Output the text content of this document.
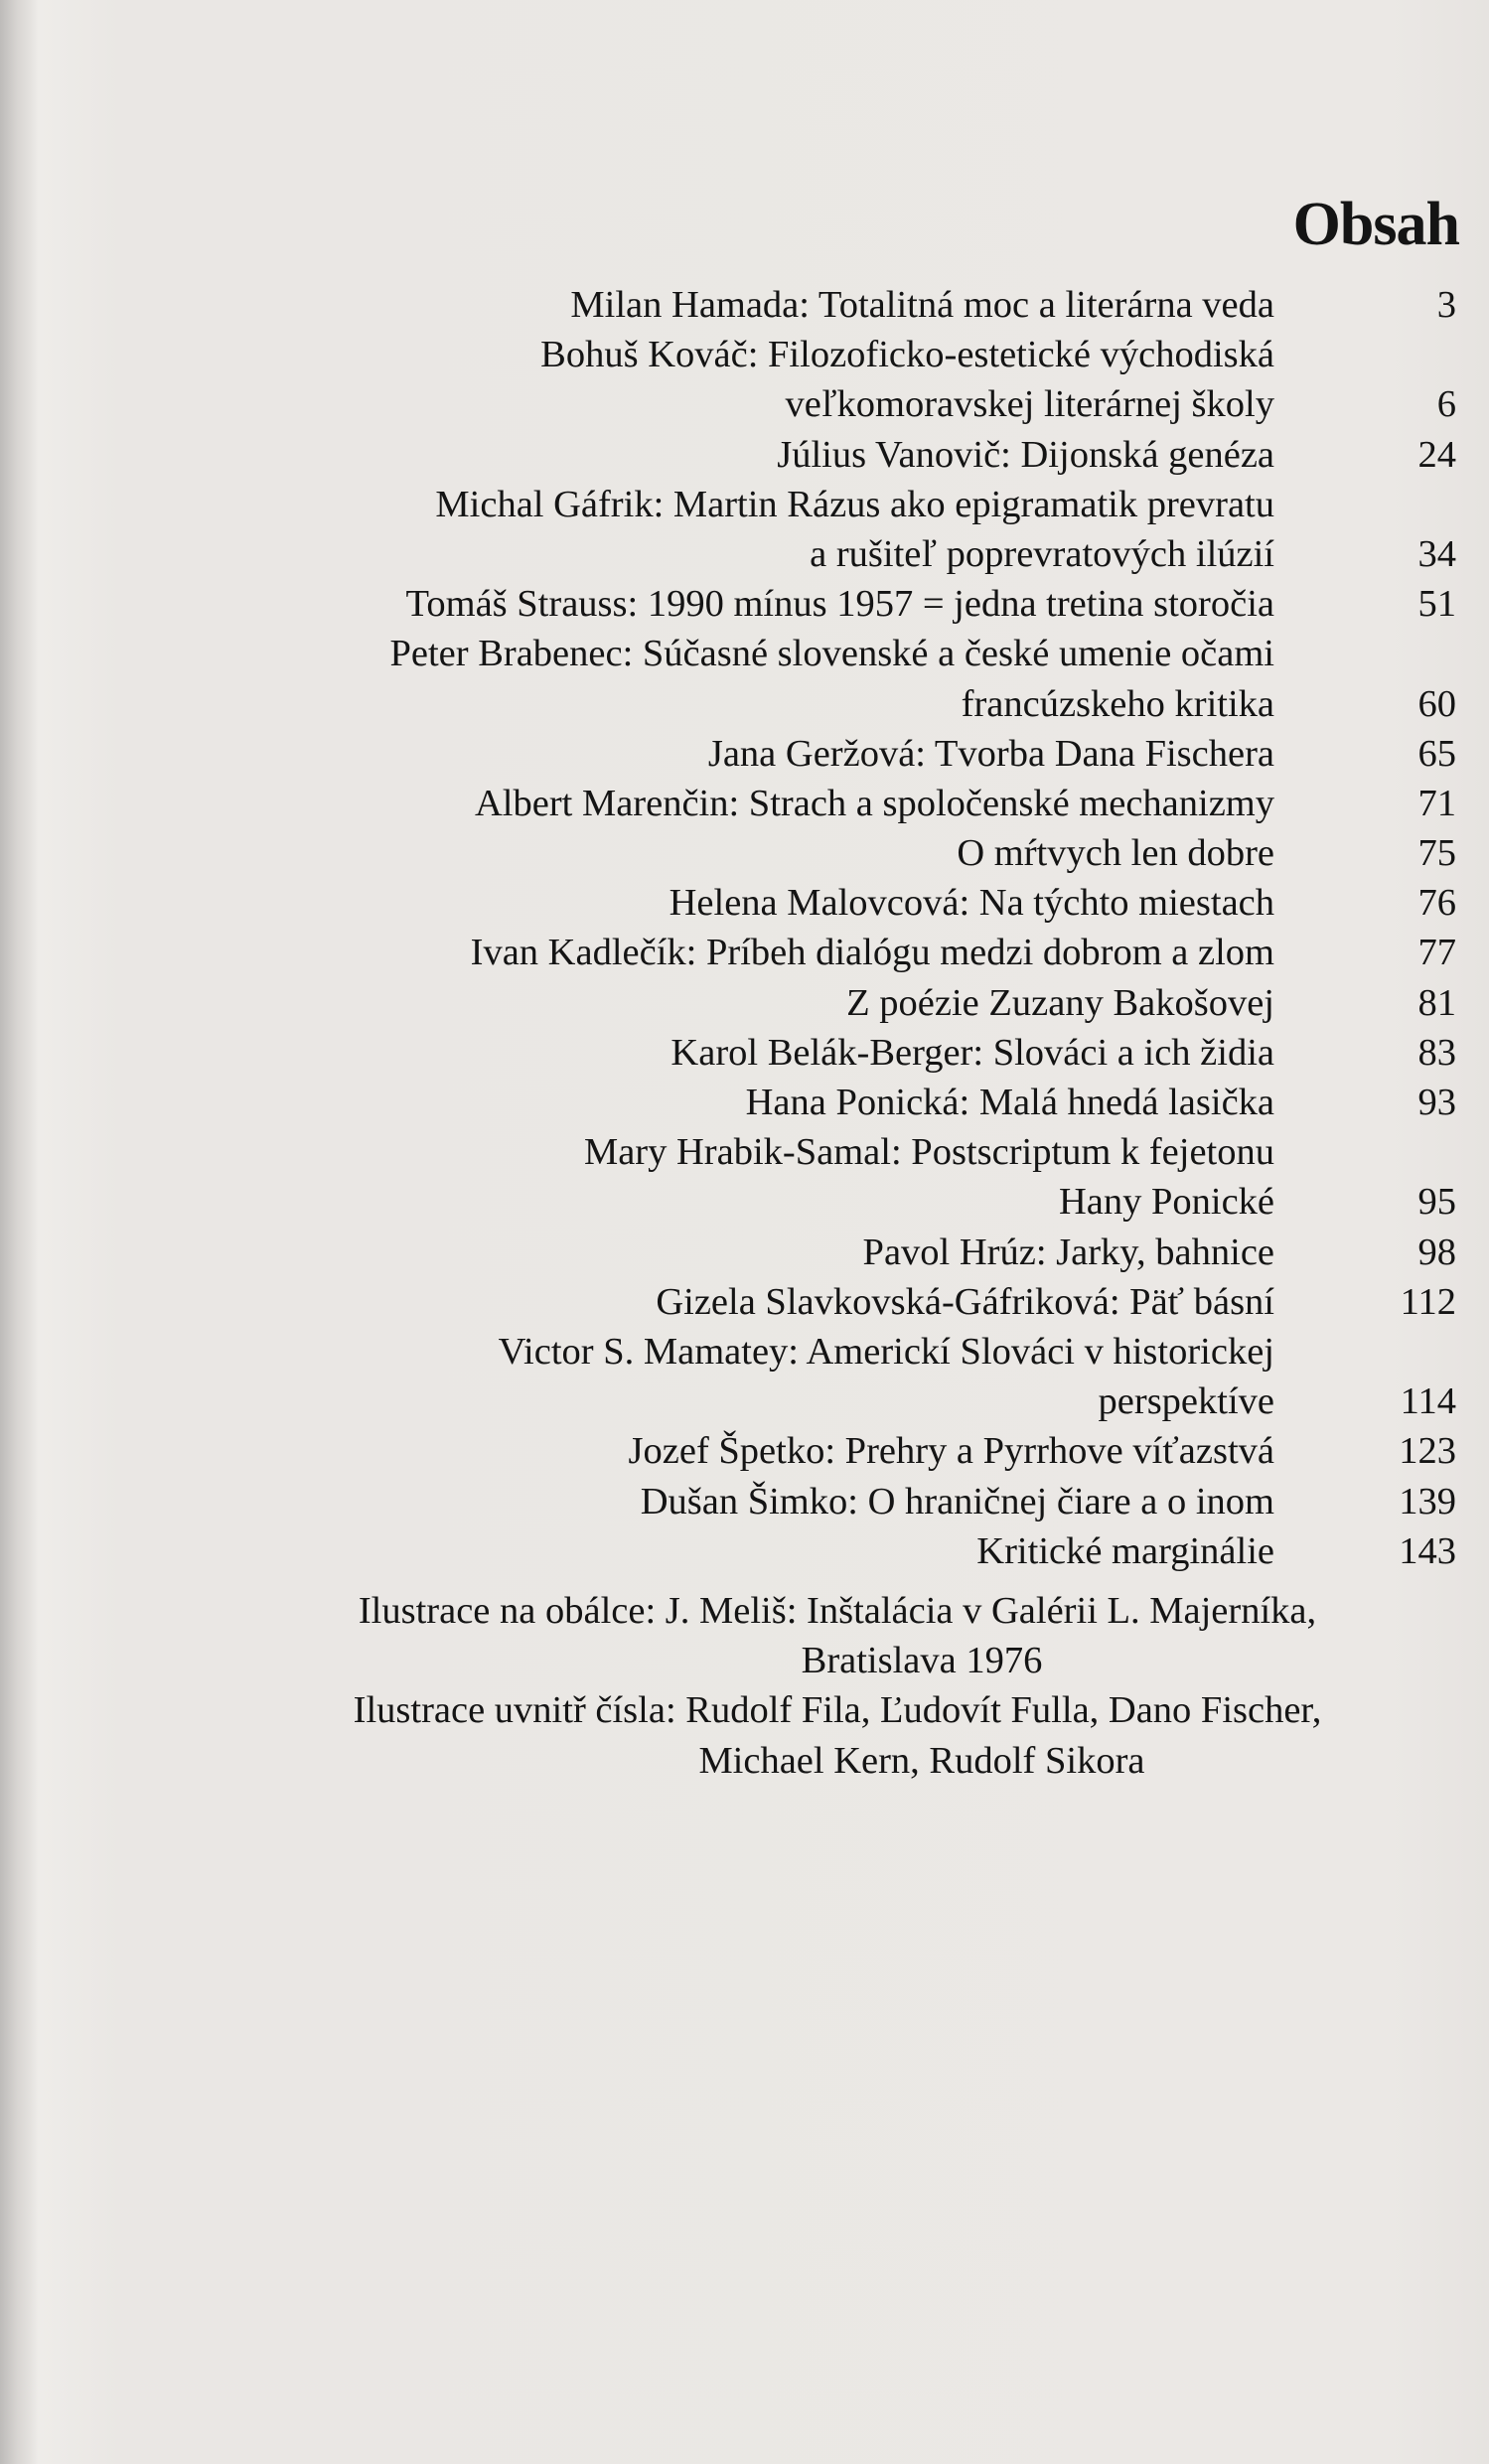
Obsah
Milan Hamada: Totalitná moc a literárna veda	3
Bohuš Kováč: Filozoficko-estetické východiská
veľkomoravskej literárnej školy	6
Július Vanovič: Dijonská genéza	24
Michal Gáfrik: Martin Rázus ako epigramatik prevratu
a rušiteľ poprevratových ilúzií	34
Tomáš Strauss: 1990 mínus 1957 = jedna tretina storočia	51
Peter Brabenec: Súčasné slovenské a české umenie očami
francúzskeho kritika	60
Jana Geržová: Tvorba Dana Fischera	65
Albert Marenčin: Strach a spoločenské mechanizmy	71
O mŕtvych len dobre	75
Helena Malovcová: Na týchto miestach	76
Ivan Kadlečík: Príbeh dialógu medzi dobrom a zlom	77
Z poézie Zuzany Bakošovej	81
Karol Belák-Berger: Slováci a ich židia	83
Hana Ponická: Malá hnedá lasička	93
Mary Hrabik-Samal: Postscriptum k fejetonu
Hany Ponické	95
Pavol Hrúz: Jarky, bahnice	98
Gizela Slavkovská-Gáfriková: Päť básní	112
Victor S. Mamatey: Americkí Slováci v historickej
perspektíve	114
Jozef Špetko: Prehry a Pyrrhove víťazstvá	123
Dušan Šimko: O hraničnej čiare a o inom	139
Kritické marginálie	143
Ilustrace na obálce: J. Meliš: Inštalácia v Galérii L. Majerníka,
Bratislava 1976
Ilustrace uvnitř čísla: Rudolf Fila, Ľudovít Fulla, Dano Fischer,
Michael Kern, Rudolf Sikora
